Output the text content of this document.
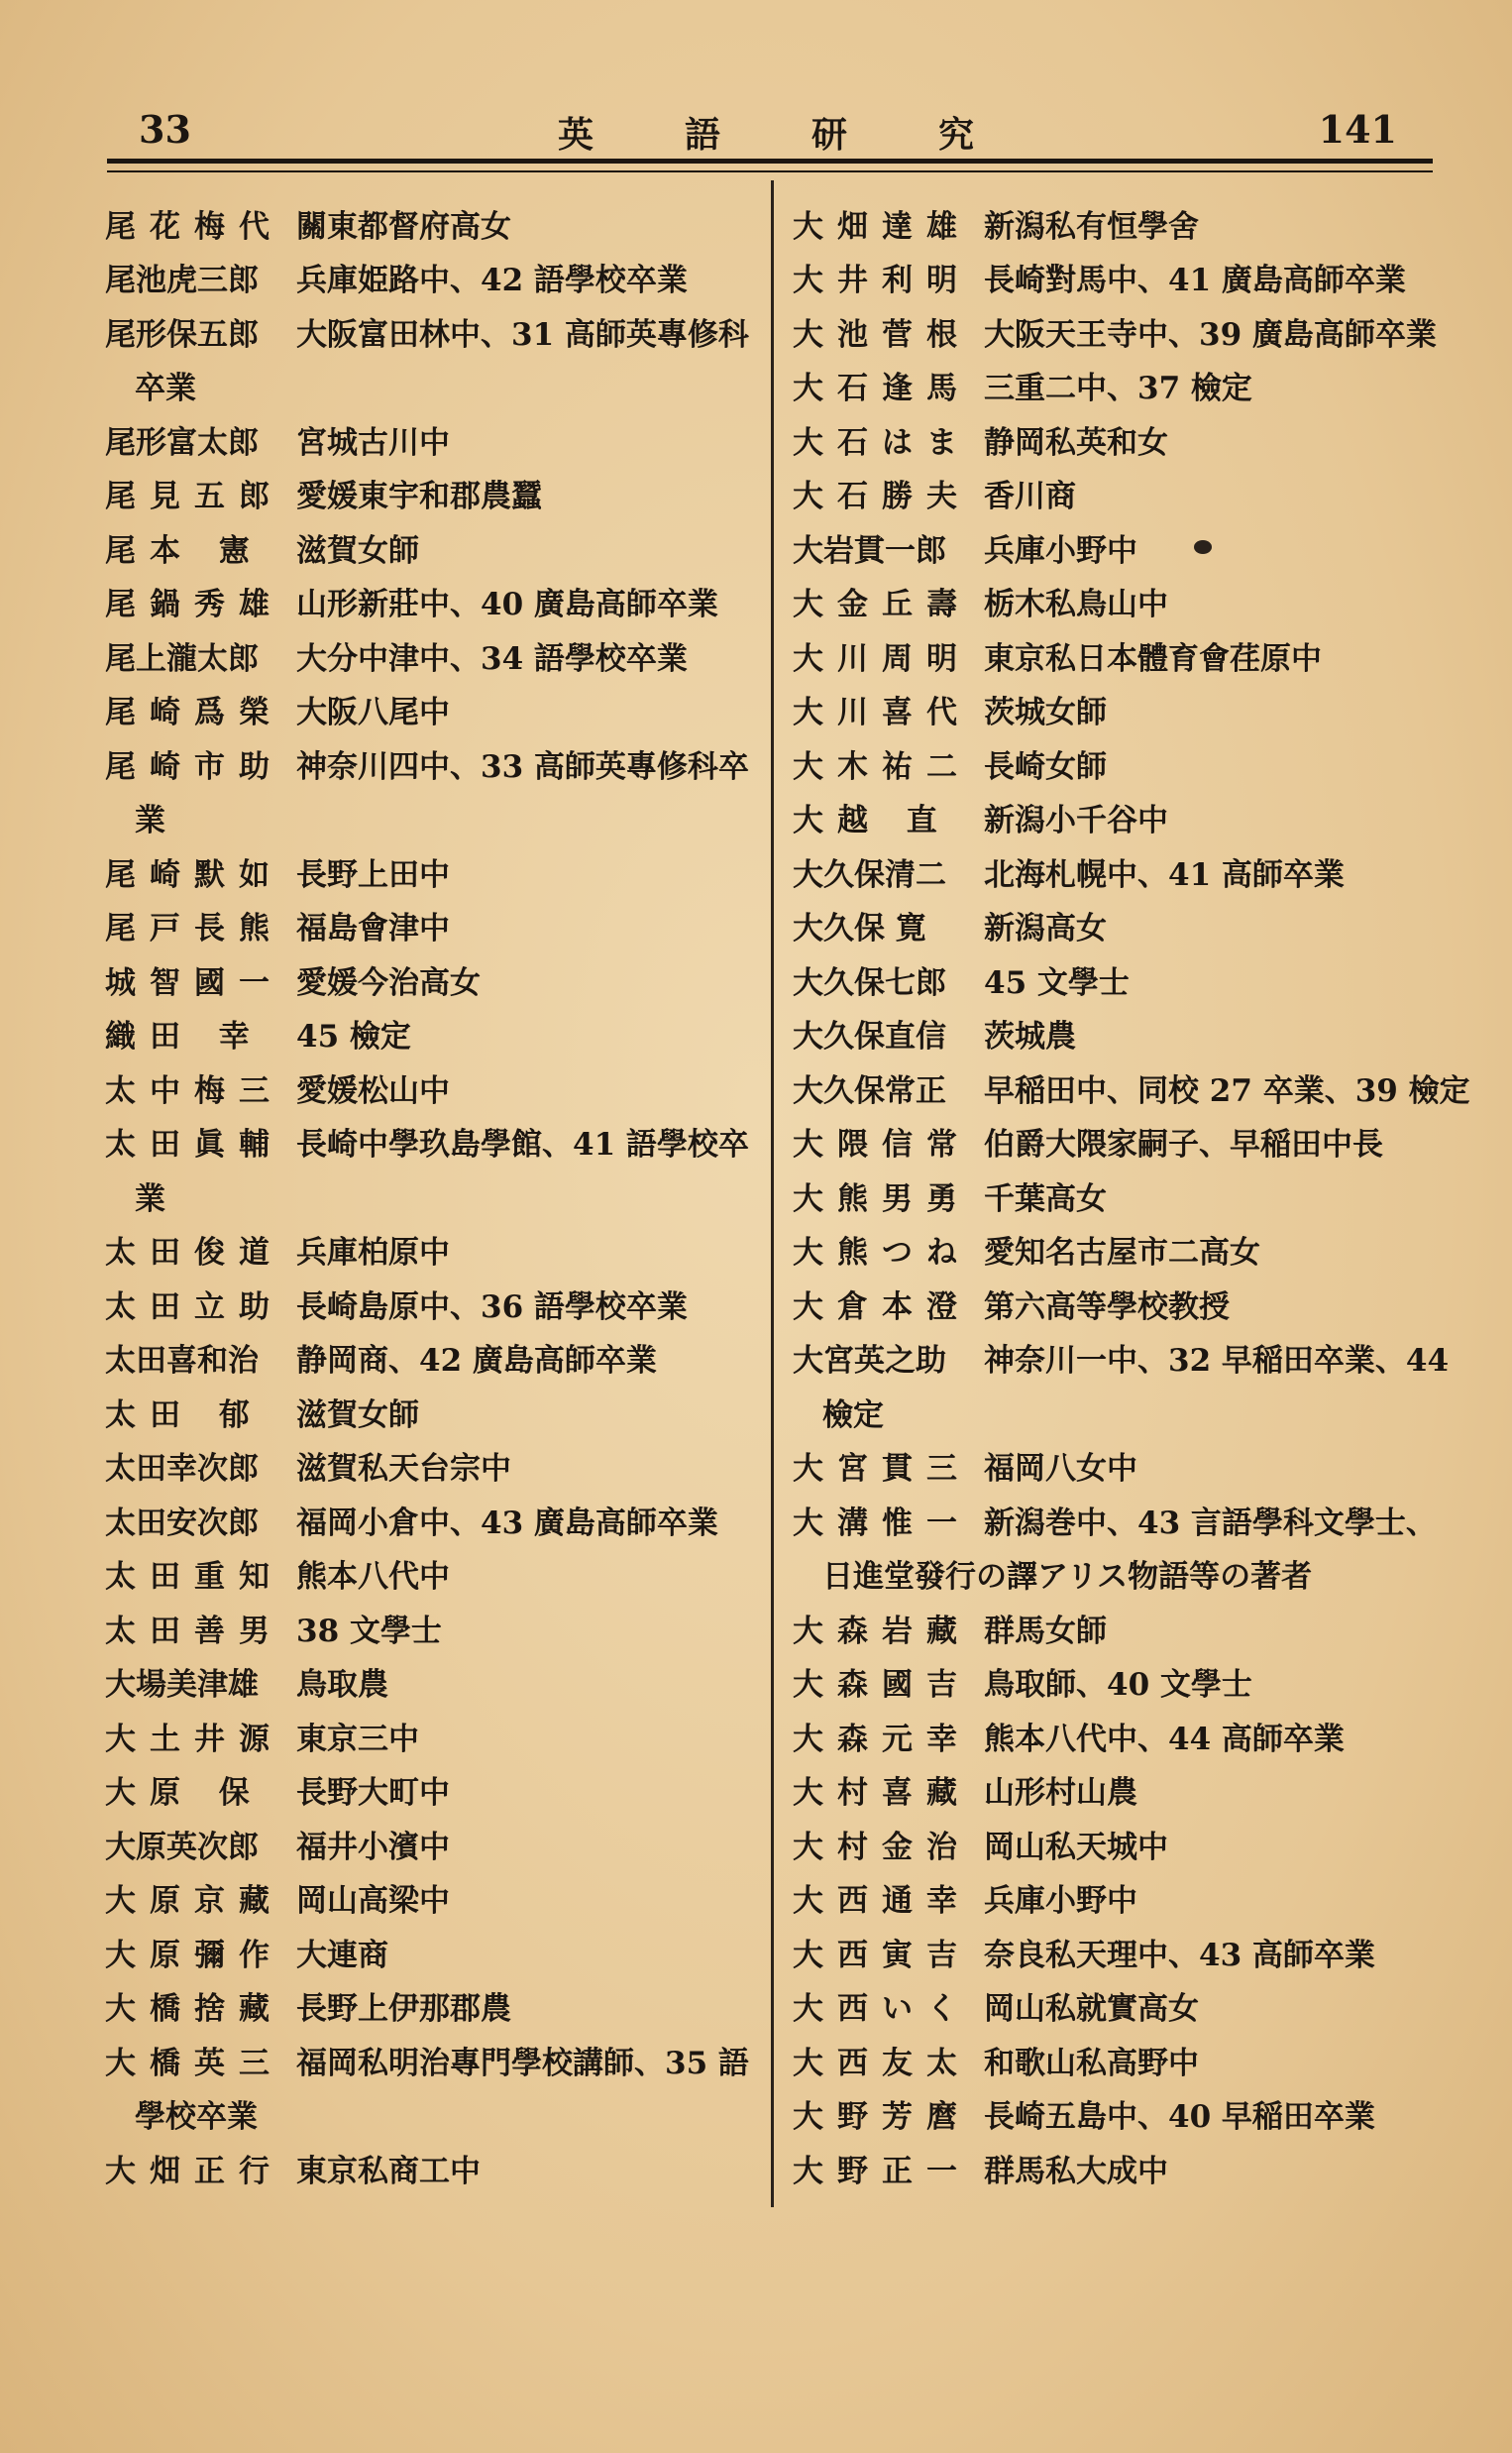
33	英	語	研	究	141
尾花梅代 關東都督府高女
尾池虎三郎	兵庫姫路中、42 語學校卒業
尾形保五郎	大阪富田林中、31 高師英專修科
卒業
尾形富太郎	宮城古川中
尾見五郎 愛媛東宇和郡農蠶
尾本 憲	滋賀女師
尾鍋秀雄 山形新莊中、40 廣島高師卒業
尾上瀧太郎	大分中津中、34 語學校卒業
尾崎爲榮 大阪八尾中
尾崎市助 神奈川四中、33 高師英專修科卒
業
尾崎默如 長野上田中
尾戸長熊 福島會津中
城智國一 愛媛今治高女
織田 幸	45 檢定
太中梅三 愛媛松山中
太田眞輔 長崎中學玖島學館、41 語學校卒
業
太田俊道 兵庫柏原中
太田立助 長崎島原中、36 語學校卒業
太田喜和治	静岡商、42 廣島高師卒業
太田 郁	滋賀女師
太田幸次郎	滋賀私天台宗中
太田安次郎	福岡小倉中、43 廣島高師卒業
太田重知 熊本八代中
太田善男 38 文學士
大場美津雄	鳥取農
大土井源 東京三中
大原 保	長野大町中
大原英次郎	福井小濱中
大原京藏 岡山高梁中
大原彌作 大連商
大橋捨藏 長野上伊那郡農
大橋英三 福岡私明治專門學校講師、35 語
學校卒業
大畑正行 東京私商工中
大畑達雄 新潟私有恒學舍
大井利明 長崎對馬中、41 廣島高師卒業
大池菅根 大阪天王寺中、39 廣島高師卒業
大石逢馬 三重二中、37 檢定
大石はま 静岡私英和女
大石勝夫 香川商
大岩貫一郎	兵庫小野中
大金丘壽 栃木私鳥山中
大川周明 東京私日本體育會荏原中
大川喜代 茨城女師
大木祐二 長崎女師
大越 直	新潟小千谷中
大久保清二	北海札幌中、41 高師卒業
大久保 寛	新潟高女
大久保七郎	45 文學士
大久保直信	茨城農
大久保常正	早稲田中、同校 27 卒業、39 檢定
大隈信常 伯爵大隈家嗣子、早稲田中長
大熊男勇 千葉高女
大熊つね 愛知名古屋市二高女
大倉本澄 第六高等學校教授
大宮英之助	神奈川一中、32 早稲田卒業、44
檢定
大宮貫三 福岡八女中
大溝惟一 新潟巻中、43 言語學科文學士、
日進堂發行の譯アリス物語等の著者
大森岩藏 群馬女師
大森國吉 鳥取師、40 文學士
大森元幸 熊本八代中、44 高師卒業
大村喜藏 山形村山農
大村金治 岡山私天城中
大西通幸 兵庫小野中
大西寅吉 奈良私天理中、43 高師卒業
大西いく 岡山私就實高女
大西友太 和歌山私高野中
大野芳麿 長崎五島中、40 早稲田卒業
大野正一 群馬私大成中
